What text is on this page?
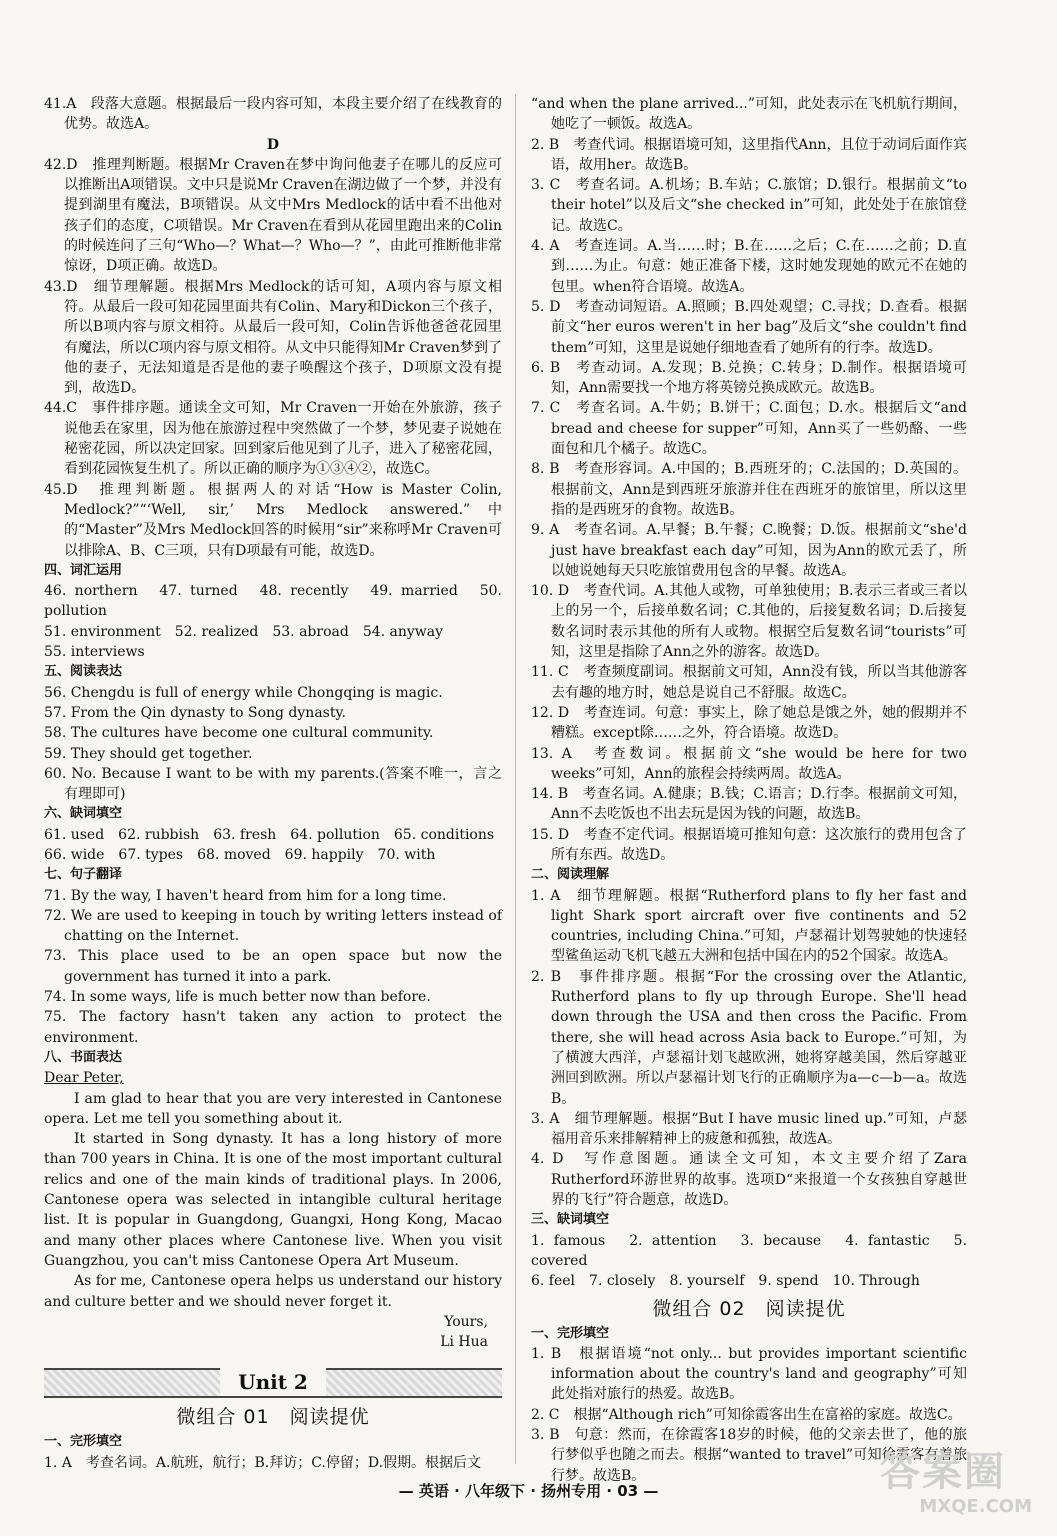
41.A　段落大意题。根据最后一段内容可知，本段主要介绍了在线教育的优势。故选A。

D

42.D　推理判断题。根据Mr Craven在梦中询问他妻子在哪儿的反应可以推断出A项错误。文中只是说Mr Craven在湖边做了一个梦，并没有提到湖里有魔法，B项错误。从文中Mrs Medlock的话中看不出他对孩子们的态度，C项错误。Mr Craven在看到从花园里跑出来的Colin的时候连问了三句“Who—？What—？Who—？”，由此可推断他非常惊讶，D项正确。故选D。

43.D　细节理解题。根据Mrs Medlock的话可知，A项内容与原文相符。从最后一段可知花园里面共有Colin、Mary和Dickon三个孩子，所以B项内容与原文相符。从最后一段可知，Colin告诉他爸爸花园里有魔法，所以C项内容与原文相符。从文中只能得知Mr Craven梦到了他的妻子，无法知道是否是他的妻子唤醒这个孩子，D项原文没有提到，故选D。

44.C　事件排序题。通读全文可知，Mr Craven一开始在外旅游，孩子说他丢在家里，因为他在旅游过程中突然做了一个梦，梦见妻子说她在秘密花园，所以决定回家。回到家后他见到了儿子，进入了秘密花园，看到花园恢复生机了。所以正确的顺序为①③④②，故选C。

45.D　推理判断题。根据两人的对话“How is Master Colin, Medlock?”“‘Well, sir,’ Mrs Medlock answered.”中的“Master”及Mrs Medlock回答的时候用“sir”来称呼Mr Craven可以排除A、B、C三项，只有D项最有可能，故选D。

四、词汇运用

46. northern　47. turned　48. recently　49. married　50. pollution

51. environment　52. realized　53. abroad　54. anyway

55. interviews

五、阅读表达

56. Chengdu is full of energy while Chongqing is magic.

57. From the Qin dynasty to Song dynasty.

58. The cultures have become one cultural community.

59. They should get together.

60. No. Because I want to be with my parents.(答案不唯一，言之有理即可)

六、缺词填空

61. used　62. rubbish　63. fresh　64. pollution　65. conditions

66. wide　67. types　68. moved　69. happily　70. with

七、句子翻译

71. By the way, I haven't heard from him for a long time.

72. We are used to keeping in touch by writing letters instead of chatting on the Internet.

73. This place used to be an open space but now the government has turned it into a park.

74. In some ways, life is much better now than before.

75. The factory hasn't taken any action to protect the environment.

八、书面表达

Dear Peter,

I am glad to hear that you are very interested in Cantonese opera. Let me tell you something about it.

It started in Song dynasty. It has a long history of more than 700 years in China. It is one of the most important cultural relics and one of the main kinds of traditional plays. In 2006, Cantonese opera was selected in intangible cultural heritage list. It is popular in Guangdong, Guangxi, Hong Kong, Macao and many other places where Cantonese live. When you visit Guangzhou, you can't miss Cantonese Opera Art Museum.

As for me, Cantonese opera helps us understand our history and culture better and we should never forget it.

Yours,

Li Hua

Unit 2
微组合 01　阅读提优

一、完形填空

1. A　考查名词。A.航班，航行；B.拜访；C.停留；D.假期。根据后文

“and when the plane arrived...”可知，此处表示在飞机航行期间，她吃了一顿饭。故选A。

2. B　考查代词。根据语境可知，这里指代Ann，且位于动词后面作宾语，故用her。故选B。

3. C　考查名词。A.机场；B.车站；C.旅馆；D.银行。根据前文“to their hotel”以及后文“she checked in”可知，此处处于在旅馆登记。故选C。

4. A　考查连词。A.当……时；B.在……之后；C.在……之前；D.直到……为止。句意：她正准备下楼，这时她发现她的欧元不在她的包里。when符合语境。故选A。

5. D　考查动词短语。A.照顾；B.四处观望；C.寻找；D.查看。根据前文“her euros weren't in her bag”及后文“she couldn't find them”可知，这里是说她仔细地查看了她所有的行李。故选D。

6. B　考查动词。A.发现；B.兑换；C.转身；D.制作。根据语境可知，Ann需要找一个地方将英镑兑换成欧元。故选B。

7. C　考查名词。A.牛奶；B.饼干；C.面包；D.水。根据后文“and bread and cheese for supper”可知，Ann买了一些奶酪、一些面包和几个橘子。故选C。

8. B　考查形容词。A.中国的；B.西班牙的；C.法国的；D.英国的。根据前文，Ann是到西班牙旅游并住在西班牙的旅馆里，所以这里指的是西班牙的食物。故选B。

9. A　考查名词。A.早餐；B.午餐；C.晚餐；D.饭。根据前文“she'd just have breakfast each day”可知，因为Ann的欧元丢了，所以她说她每天只吃旅馆费用包含的早餐。故选A。

10. D　考查代词。A.其他人或物，可单独使用；B.表示三者或三者以上的另一个，后接单数名词；C.其他的，后接复数名词；D.后接复数名词时表示其他的所有人或物。根据空后复数名词“tourists”可知，这里是指除了Ann之外的游客。故选D。

11. C　考查频度副词。根据前文可知，Ann没有钱，所以当其他游客去有趣的地方时，她总是说自己不舒服。故选C。

12. D　考查连词。句意：事实上，除了她总是饿之外，她的假期并不糟糕。except除……之外，符合语境。故选D。

13. A　考查数词。根据前文“she would be here for two weeks”可知，Ann的旅程会持续两周。故选A。

14. B　考查名词。A.健康；B.钱；C.语言；D.行李。根据前文可知，Ann不去吃饭也不出去玩是因为钱的问题，故选B。

15. D　考查不定代词。根据语境可推知句意：这次旅行的费用包含了所有东西。故选D。

二、阅读理解

1. A　细节理解题。根据“Rutherford plans to fly her fast and light Shark sport aircraft over five continents and 52 countries, including China.”可知，卢瑟福计划驾驶她的快速轻型鲨鱼运动飞机飞越五大洲和包括中国在内的52个国家。故选A。

2. B　事件排序题。根据“For the crossing over the Atlantic, Rutherford plans to fly up through Europe. She'll head down through the USA and then cross the Pacific. From there, she will head across Asia back to Europe.”可知，为了横渡大西洋，卢瑟福计划飞越欧洲，她将穿越美国，然后穿越亚洲回到欧洲。所以卢瑟福计划飞行的正确顺序为a—c—b—a。故选B。

3. A　细节理解题。根据“But I have music lined up.”可知，卢瑟福用音乐来排解精神上的疲惫和孤独，故选A。

4. D　写作意图题。通读全文可知，本文主要介绍了Zara Rutherford环游世界的故事。选项D“来报道一个女孩独自穿越世界的飞行”符合题意，故选D。

三、缺词填空

1. famous　2. attention　3. because　4. fantastic　5. covered

6. feel　7. closely　8. yourself　9. spend　10. Through

微组合 02　阅读提优

一、完形填空

1. B　根据语境“not only... but provides important scientific information about the country's land and geography”可知此处指对旅行的热爱。故选B。

2. C　根据“Although rich”可知徐霞客出生在富裕的家庭。故选C。

3. B　句意：然而，在徐霞客18岁的时候，他的父亲去世了，他的旅行梦似乎也随之而去。根据“wanted to travel”可知徐霞客有着旅行梦。故选B。

— 英语 · 八年级下 · 扬州专用 · 03 —	答案圈
MXQE.COM
